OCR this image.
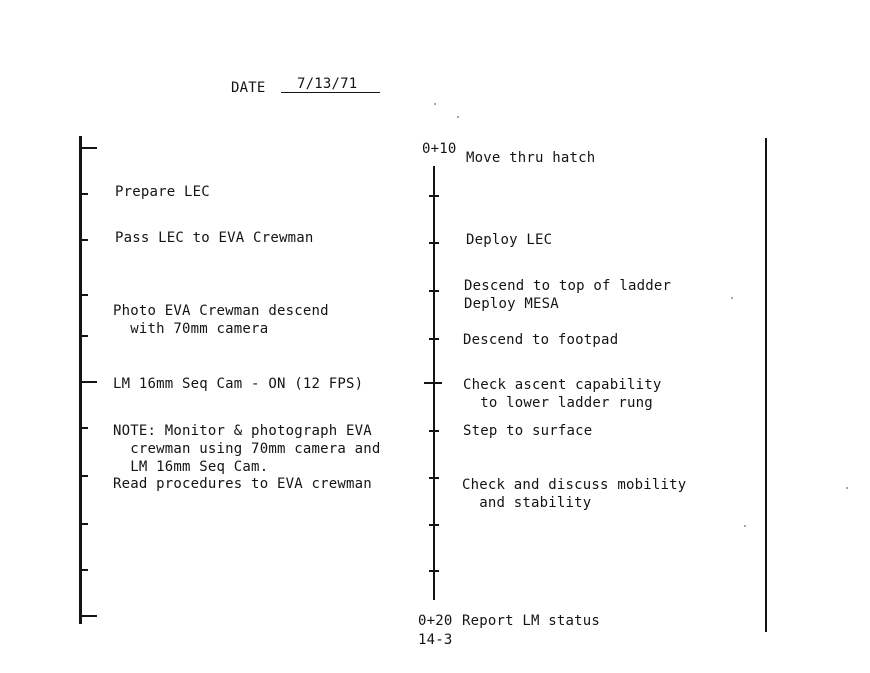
DATE 7/13/71
Prepare LEC
Pass LEC to EVA Crewman
Photo EVA Crewman descend
with 70mm camera
LM 16mm Seq Cam - ON (12 FPS)
NOTE: Monitor & photograph EVA
crewman using 70mm camera and
LM 16mm Seq Cam.
Read procedures to EVA crewman
0+10
0+20
14-3
Move thru hatch
Deploy LEC
Descend to top of ladder
Deploy MESA
Descend to footpad
Check ascent capability
to lower ladder rung
Step to surface
Check and discuss mobility
and stability
Report LM status
